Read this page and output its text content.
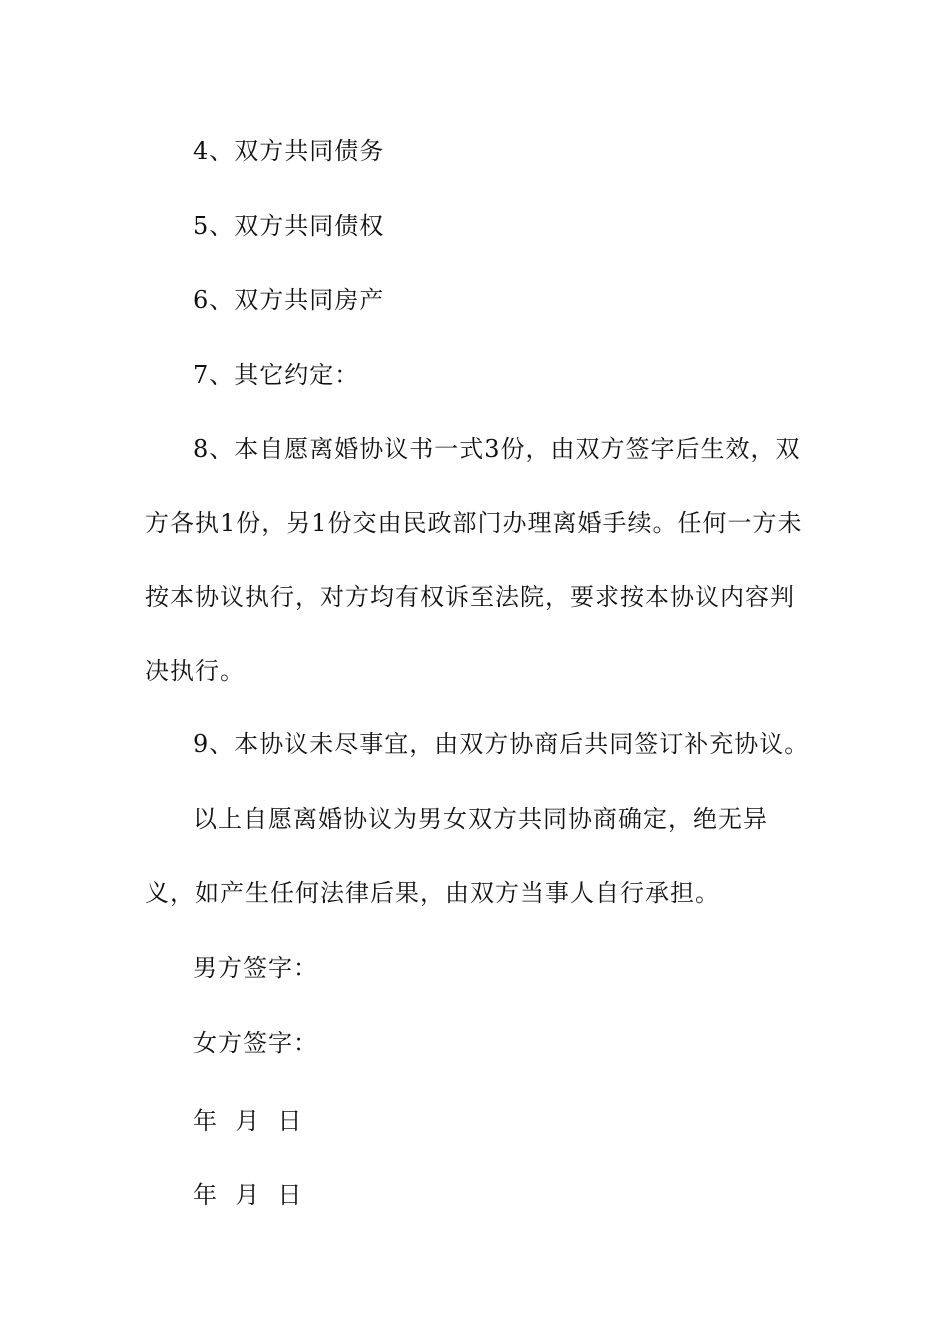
4、双方共同债务
5、双方共同债权
6、双方共同房产
7、其它约定：
8、本自愿离婚协议书一式3份，由双方签字后生效，双方各执1份，另1份交由民政部门办理离婚手续。任何一方未按本协议执行，对方均有权诉至法院，要求按本协议内容判决执行。
9、本协议未尽事宜，由双方协商后共同签订补充协议。
以上自愿离婚协议为男女双方共同协商确定，绝无异义，如产生任何法律后果，由双方当事人自行承担。
男方签字：
女方签字：
年  月  日
年  月  日
